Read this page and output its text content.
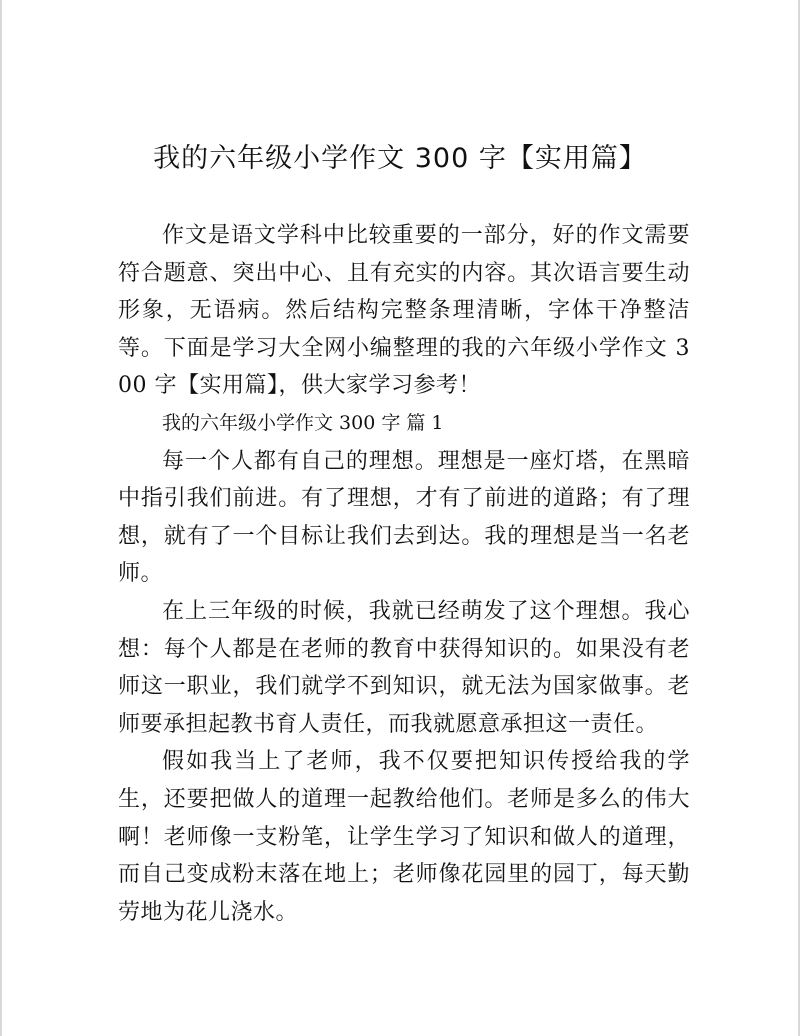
我的六年级小学作文 300 字【实用篇】

作文是语文学科中比较重要的一部分，好的作文需要符合题意、突出中心、且有充实的内容。其次语言要生动形象，无语病。然后结构完整条理清晰，字体干净整洁等。下面是学习大全网小编整理的我的六年级小学作文 300 字【实用篇】，供大家学习参考！

我的六年级小学作文 300 字 篇 1

每一个人都有自己的理想。理想是一座灯塔，在黑暗中指引我们前进。有了理想，才有了前进的道路；有了理想，就有了一个目标让我们去到达。我的理想是当一名老师。

在上三年级的时候，我就已经萌发了这个理想。我心想：每个人都是在老师的教育中获得知识的。如果没有老师这一职业，我们就学不到知识，就无法为国家做事。老师要承担起教书育人责任，而我就愿意承担这一责任。

假如我当上了老师，我不仅要把知识传授给我的学生，还要把做人的道理一起教给他们。老师是多么的伟大啊！老师像一支粉笔，让学生学习了知识和做人的道理，而自己变成粉末落在地上；老师像花园里的园丁，每天勤劳地为花儿浇水。
